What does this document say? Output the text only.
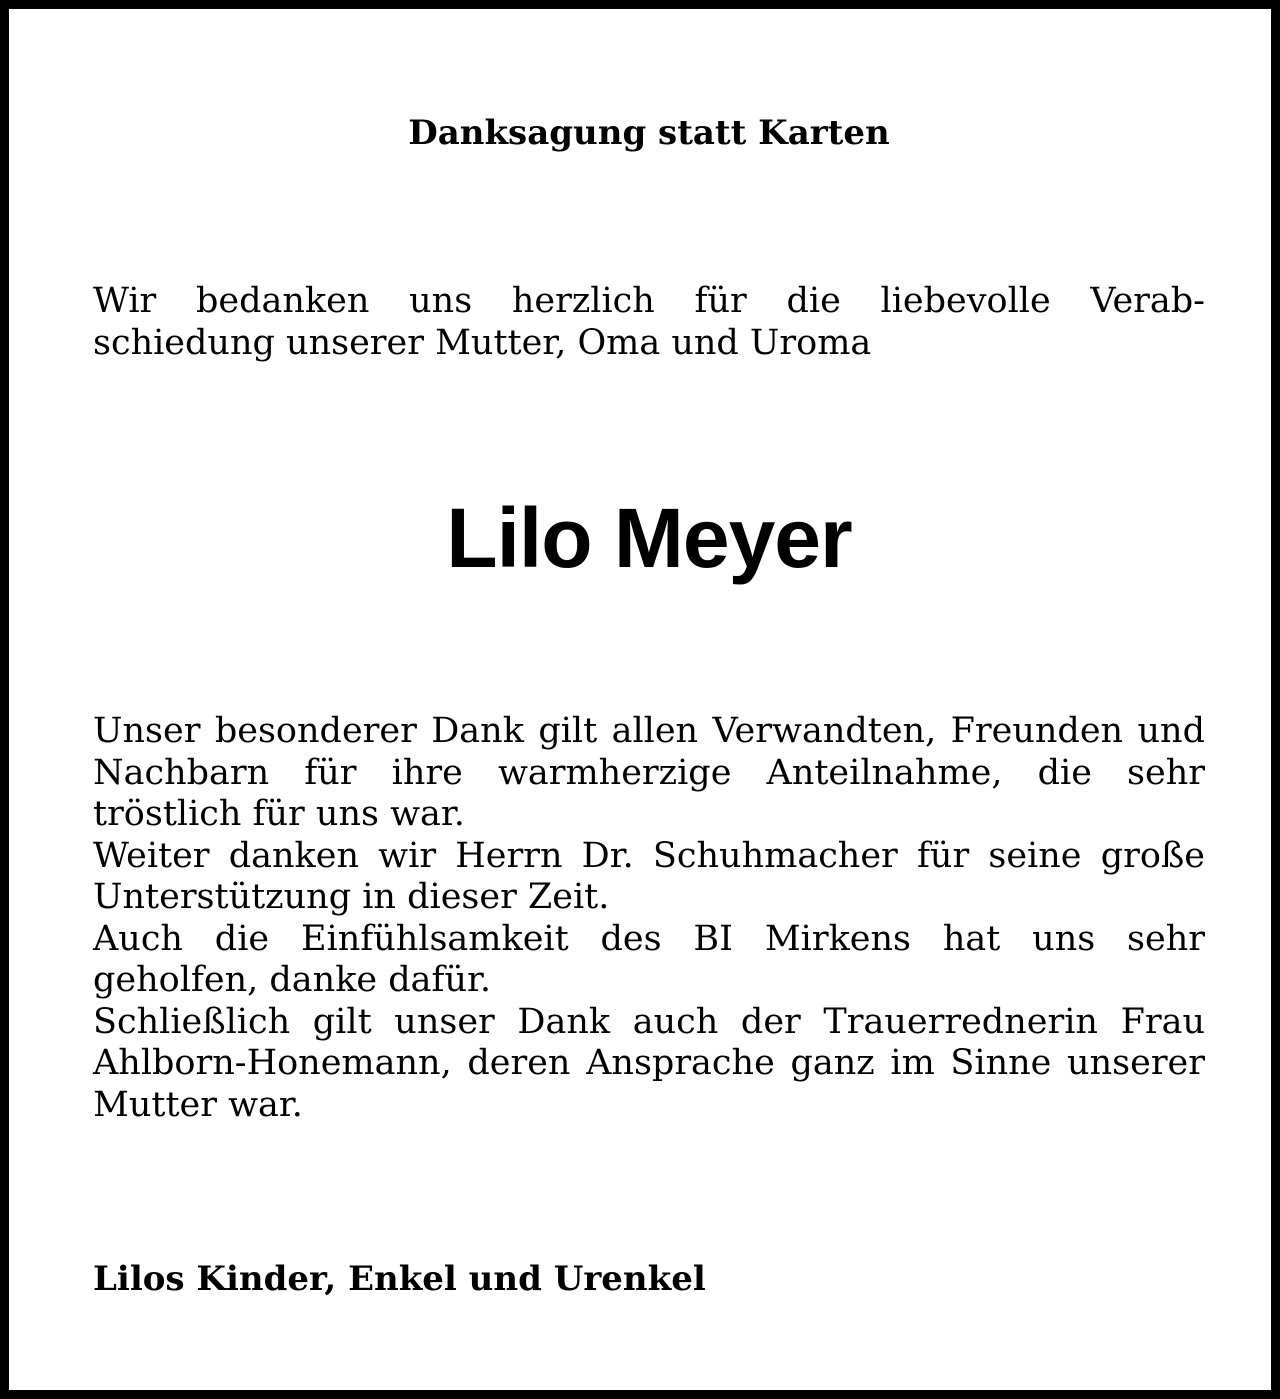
Danksagung statt Karten
Wir bedanken uns herzlich für die liebevolle Verab-
schiedung unserer Mutter, Oma und Uroma
Lilo Meyer

Unser besonderer Dank gilt allen Verwandten, Freunden und Nachbarn für ihre warmherzige Anteilnahme, die sehr tröstlich für uns war.

Weiter danken wir Herrn Dr. Schuhmacher für seine große Unterstützung in dieser Zeit.

Auch die Einfühlsamkeit des BI Mirkens hat uns sehr geholfen, danke dafür.

Schließlich gilt unser Dank auch der Trauerrednerin Frau Ahlborn-Honemann, deren Ansprache ganz im Sinne unserer Mutter war.

Lilos Kinder, Enkel und Urenkel
